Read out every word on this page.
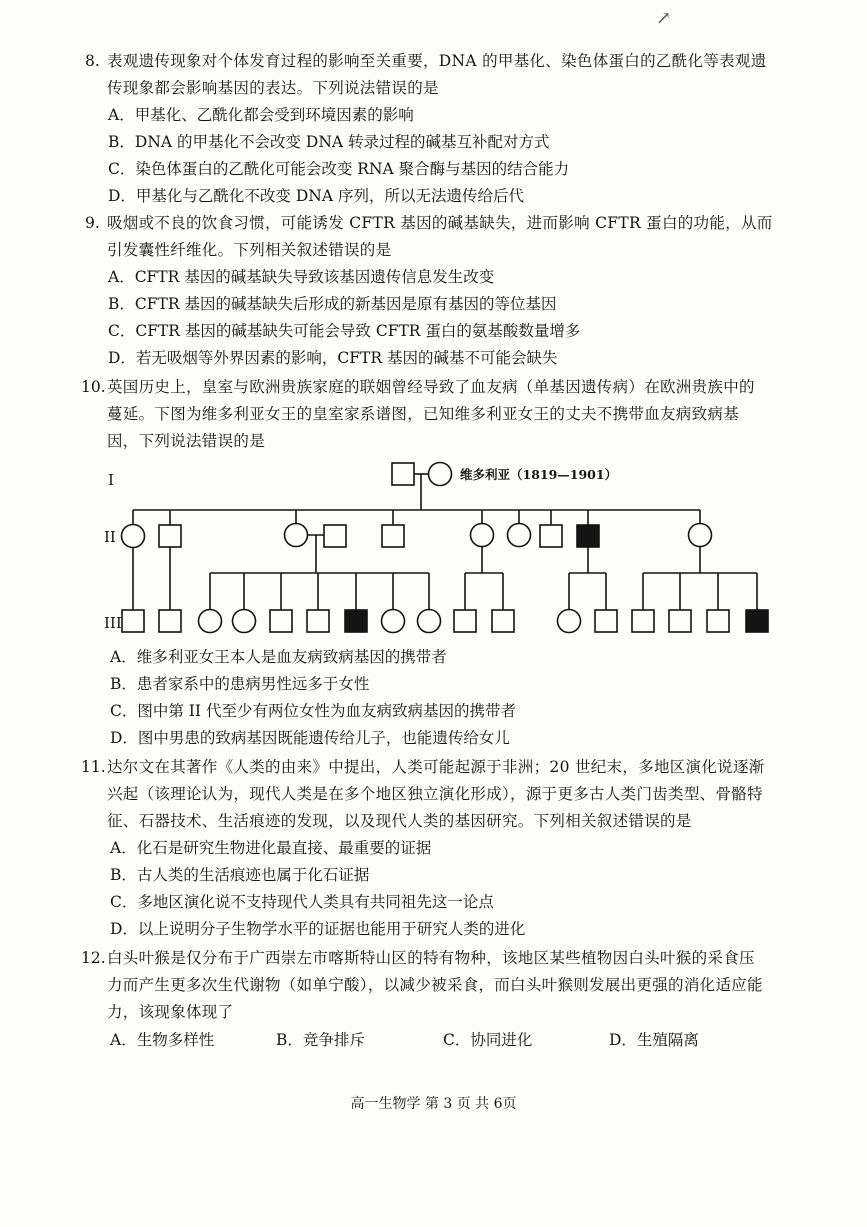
↗
8. 表观遗传现象对个体发育过程的影响至关重要，DNA 的甲基化、染色体蛋白的乙酰化等表观遗
传现象都会影响基因的表达。下列说法错误的是
A．甲基化、乙酰化都会受到环境因素的影响
B．DNA 的甲基化不会改变 DNA 转录过程的碱基互补配对方式
C．染色体蛋白的乙酰化可能会改变 RNA 聚合酶与基因的结合能力
D．甲基化与乙酰化不改变 DNA 序列，所以无法遗传给后代
9. 吸烟或不良的饮食习惯，可能诱发 CFTR 基因的碱基缺失，进而影响 CFTR 蛋白的功能，从而
引发囊性纤维化。下列相关叙述错误的是
A．CFTR 基因的碱基缺失导致该基因遗传信息发生改变
B．CFTR 基因的碱基缺失后形成的新基因是原有基因的等位基因
C．CFTR 基因的碱基缺失可能会导致 CFTR 蛋白的氨基酸数量增多
D．若无吸烟等外界因素的影响，CFTR 基因的碱基不可能会缺失
10. 英国历史上，皇室与欧洲贵族家庭的联姻曾经导致了血友病（单基因遗传病）在欧洲贵族中的
蔓延。下图为维多利亚女王的皇室家系谱图，已知维多利亚女王的丈夫不携带血友病致病基
因，下列说法错误的是
I
II
III
维多利亚（1819—1901）
A．维多利亚女王本人是血友病致病基因的携带者
B．患者家系中的患病男性远多于女性
C．图中第 II 代至少有两位女性为血友病致病基因的携带者
D．图中男患的致病基因既能遗传给儿子，也能遗传给女儿
11. 达尔文在其著作《人类的由来》中提出，人类可能起源于非洲；20 世纪末，多地区演化说逐渐
兴起（该理论认为，现代人类是在多个地区独立演化形成），源于更多古人类门齿类型、骨骼特
征、石器技术、生活痕迹的发现，以及现代人类的基因研究。下列相关叙述错误的是
A．化石是研究生物进化最直接、最重要的证据
B．古人类的生活痕迹也属于化石证据
C．多地区演化说不支持现代人类具有共同祖先这一论点
D．以上说明分子生物学水平的证据也能用于研究人类的进化
12. 白头叶猴是仅分布于广西崇左市喀斯特山区的特有物种，该地区某些植物因白头叶猴的采食压
力而产生更多次生代谢物（如单宁酸），以减少被采食，而白头叶猴则发展出更强的消化适应能
力，该现象体现了
A．生物多样性	B．竞争排斥	C．协同进化	D．生殖隔离
高一生物学 第 3 页 共 6页
